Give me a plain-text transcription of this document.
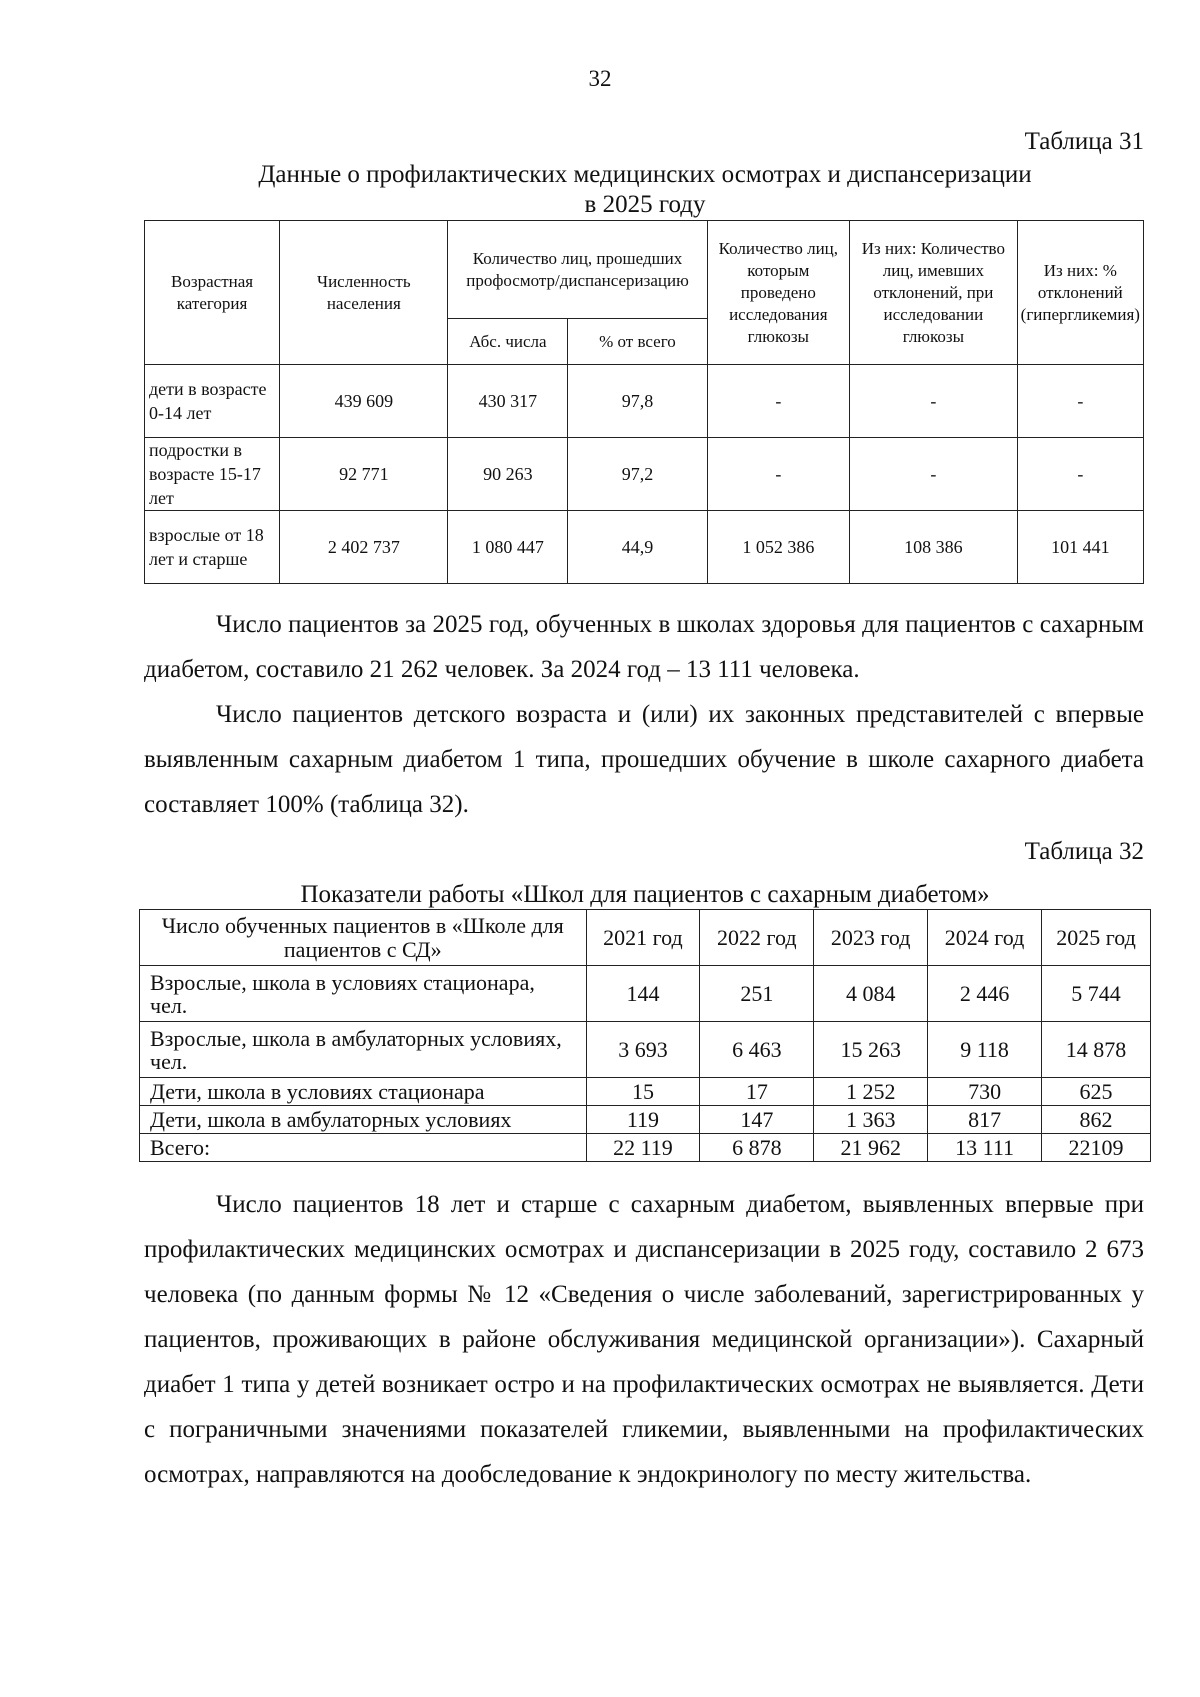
32
Таблица 31
Данные о профилактических медицинских осмотрах и диспансеризации
в 2025 году
Возрастная категория	Численность населения	Количество лиц, прошедших профосмотр/диспансеризацию		Количество лиц, которым проведено исследования глюкозы	Из них: Количество лиц, имевших отклонений, при исследовании глюкозы	Из них: % отклонений (гипергликемия)
		Абс. числа	% от всего			
дети в возрасте 0-14 лет	439 609	430 317	97,8	-	-	-
подростки в возрасте 15-17 лет	92 771	90 263	97,2	-	-	-
взрослые от 18 лет и старше	2 402 737	1 080 447	44,9	1 052 386	108 386	101 441

Число пациентов за 2025 год, обученных в школах здоровья для пациентов с сахарным диабетом, составило 21 262 человек. За 2024 год – 13 111 человека.

Число пациентов детского возраста и (или) их законных представителей с впервые выявленным сахарным диабетом 1 типа, прошедших обучение в школе сахарного диабета составляет 100% (таблица 32).

Таблица 32
Показатели работы «Школ для пациентов с сахарным диабетом»
Число обученных пациентов в «Школе для пациентов с СД»	2021 год	2022 год	2023 год	2024 год	2025 год
Взрослые, школа в условиях стационара, чел.	144	251	4 084	2 446	5 744
Взрослые, школа в амбулаторных условиях, чел.	3 693	6 463	15 263	9 118	14 878
Дети, школа в условиях стационара	15	17	1 252	730	625
Дети, школа в амбулаторных условиях	119	147	1 363	817	862
Всего:	22 119	6 878	21 962	13 111	22109

Число пациентов 18 лет и старше с сахарным диабетом, выявленных впервые при профилактических медицинских осмотрах и диспансеризации в 2025 году, составило 2 673 человека (по данным формы № 12 «Сведения о числе заболеваний, зарегистрированных у пациентов, проживающих в районе обслуживания медицинской организации»). Сахарный диабет 1 типа у детей возникает остро и на профилактических осмотрах не выявляется. Дети с пограничными значениями показателей гликемии, выявленными на профилактических осмотрах, направляются на дообследование к эндокринологу по месту жительства.
